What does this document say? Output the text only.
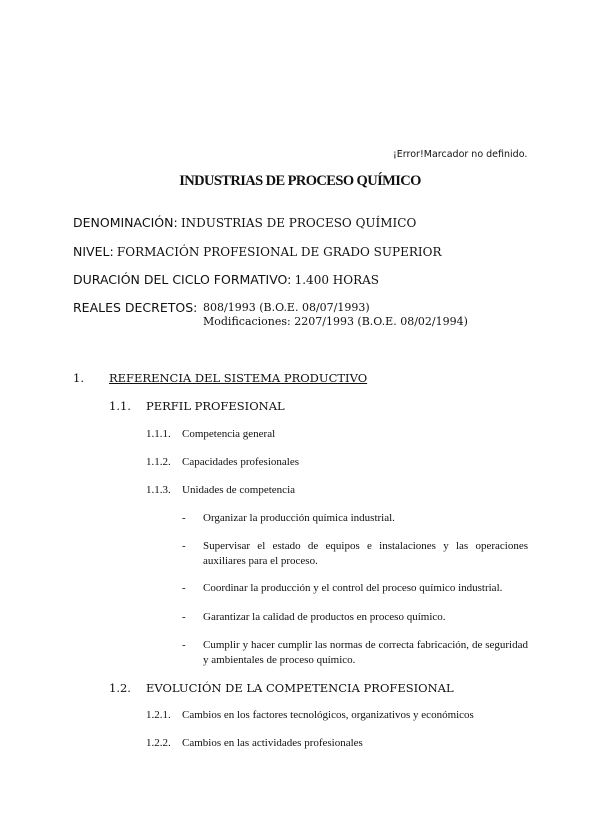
¡Error!Marcador no definido.
INDUSTRIAS DE PROCESO QUÍMICO
DENOMINACIÓN: INDUSTRIAS DE PROCESO QUÍMICO
NIVEL: FORMACIÓN PROFESIONAL DE GRADO SUPERIOR
DURACIÓN DEL CICLO FORMATIVO: 1.400 HORAS
REALES DECRETOS: 808/1993 (B.O.E. 08/07/1993)
Modificaciones: 2207/1993 (B.O.E. 08/02/1994)
1. REFERENCIA DEL SISTEMA PRODUCTIVO
1.1. PERFIL PROFESIONAL
1.1.1. Competencia general
1.1.2. Capacidades profesionales
1.1.3. Unidades de competencia
- Organizar la producción química industrial.
- Supervisar el estado de equipos e instalaciones y las operaciones auxiliares para el proceso.
- Coordinar la producción y el control del proceso químico industrial.
- Garantizar la calidad de productos en proceso químico.
- Cumplir y hacer cumplir las normas de correcta fabricación, de seguridad y ambientales de proceso químico.
1.2. EVOLUCIÓN DE LA COMPETENCIA PROFESIONAL
1.2.1. Cambios en los factores tecnológicos, organizativos y económicos
1.2.2. Cambios en las actividades profesionales
